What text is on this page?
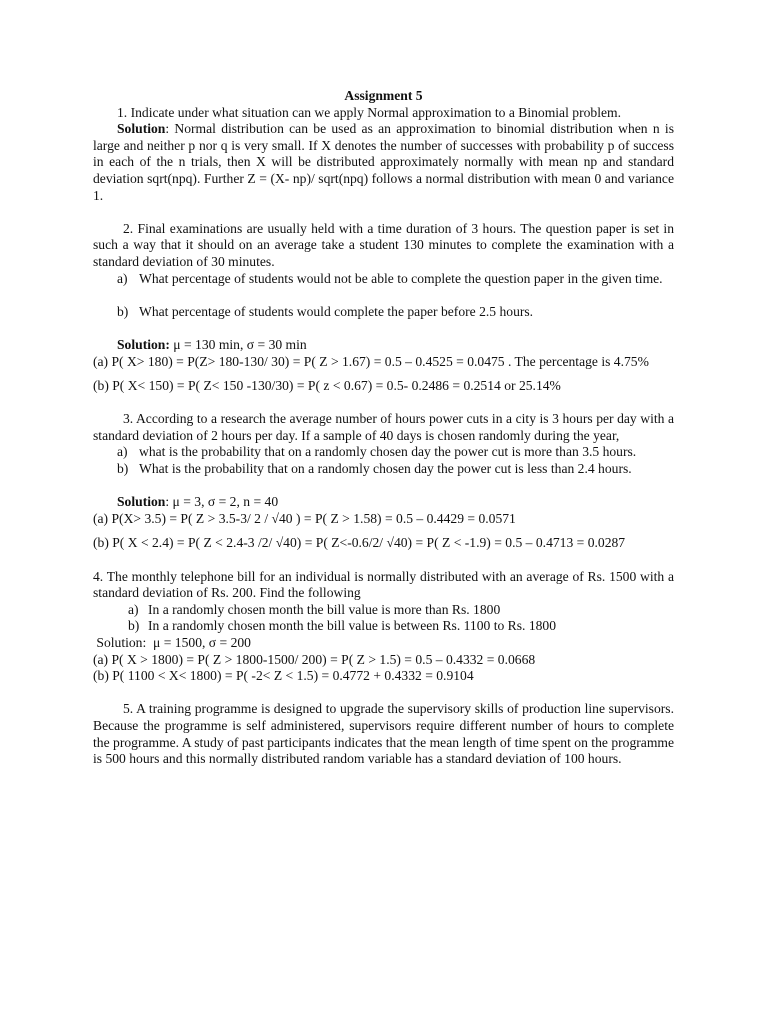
Assignment 5

1. Indicate under what situation can we apply Normal approximation to a Binomial problem.

Solution: Normal distribution can be used as an approximation to binomial distribution when n is large and neither p nor q is very small. If X denotes the number of successes with probability p of success in each of the n trials, then X will be distributed approximately normally with mean np and standard deviation sqrt(npq). Further Z = (X- np)/ sqrt(npq) follows a normal distribution with mean 0 and variance 1.

2. Final examinations are usually held with a time duration of 3 hours. The question paper is set in such a way that it should on an average take a student 130 minutes to complete the examination with a standard deviation of 30 minutes.

a) What percentage of students would not be able to complete the question paper in the given time.

b) What percentage of students would complete the paper before 2.5 hours.

Solution: μ = 130 min, σ = 30 min

(a) P( X> 180) = P(Z> 180-130/ 30) = P( Z > 1.67) = 0.5 – 0.4525 = 0.0475 . The percentage is 4.75%

(b) P( X< 150) = P( Z< 150 -130/30) = P( z < 0.67) = 0.5- 0.2486 = 0.2514 or 25.14%

3. According to a research the average number of hours power cuts in a city is 3 hours per day with a standard deviation of 2 hours per day. If a sample of 40 days is chosen randomly during the year,

a) what is the probability that on a randomly chosen day the power cut is more than 3.5 hours.

b) What is the probability that on a randomly chosen day the power cut is less than 2.4 hours.

Solution: μ = 3, σ = 2, n = 40

(a) P(X> 3.5) = P( Z > 3.5-3/ 2 / √40 ) = P( Z > 1.58) = 0.5 – 0.4429 = 0.0571

(b) P( X < 2.4) = P( Z < 2.4-3 /2/ √40) = P( Z<-0.6/2/ √40) = P( Z < -1.9) = 0.5 – 0.4713 = 0.0287

4. The monthly telephone bill for an individual is normally distributed with an average of Rs. 1500 with a standard deviation of Rs. 200. Find the following

a) In a randomly chosen month the bill value is more than Rs. 1800

b) In a randomly chosen month the bill value is between Rs. 1100 to Rs. 1800

Solution:  μ = 1500, σ = 200

(a) P( X > 1800) = P( Z > 1800-1500/ 200) = P( Z > 1.5) = 0.5 – 0.4332 = 0.0668

(b) P( 1100 < X< 1800) = P( -2< Z < 1.5) = 0.4772 + 0.4332 = 0.9104

5. A training programme is designed to upgrade the supervisory skills of production line supervisors. Because the programme is self administered, supervisors require different number of hours to complete the programme. A study of past participants indicates that the mean length of time spent on the programme is 500 hours and this normally distributed random variable has a standard deviation of 100 hours.
